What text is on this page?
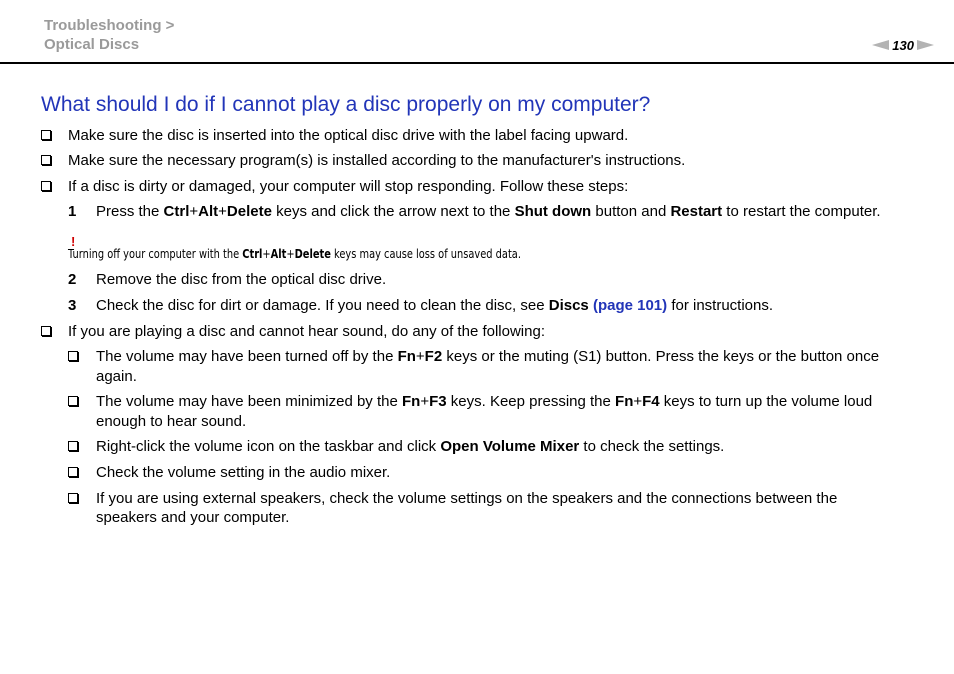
Troubleshooting >
Optical Discs	130
What should I do if I cannot play a disc properly on my computer?
Make sure the disc is inserted into the optical disc drive with the label facing upward.
Make sure the necessary program(s) is installed according to the manufacturer's instructions.
If a disc is dirty or damaged, your computer will stop responding. Follow these steps:
1 Press the Ctrl+Alt+Delete keys and click the arrow next to the Shut down button and Restart to restart the computer.
!
Turning off your computer with the Ctrl+Alt+Delete keys may cause loss of unsaved data.
2 Remove the disc from the optical disc drive.
3 Check the disc for dirt or damage. If you need to clean the disc, see Discs (page 101) for instructions.
If you are playing a disc and cannot hear sound, do any of the following:
The volume may have been turned off by the Fn+F2 keys or the muting (S1) button. Press the keys or the button once
again.
The volume may have been minimized by the Fn+F3 keys. Keep pressing the Fn+F4 keys to turn up the volume loud
enough to hear sound.
Right-click the volume icon on the taskbar and click Open Volume Mixer to check the settings.
Check the volume setting in the audio mixer.
If you are using external speakers, check the volume settings on the speakers and the connections between the
speakers and your computer.
